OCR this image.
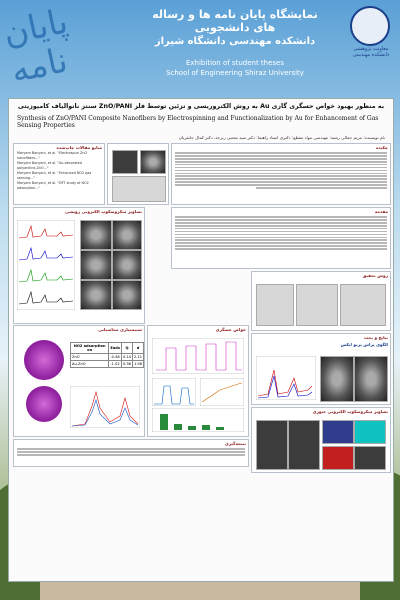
پایان نامه
نمایشگاه پایان نامه ها و رساله های دانشجویی
دانشکده مهندسی دانشگاه شیراز
Exhibition of student theses
School of Engineering Shiraz University
معاونت پژوهشی دانشکده مهندسی
سنتز نانوالیاف کامپوزیتی ZnO/PANI به روش الکتروریسی و تزئین توسط فلز Au به منظور بهبود خواص حسگری گازی
Synthesis of ZnO/PANI Composite Nanofibers by Electrospinning and Functionalization by Au for Enhancement of Gas Sensing Properties
نام نویسنده: مریم جمالی رشته: مهندسی مواد مقطع: دکتری استاد راهنما: دکتر سید مجتبی زبرجد، دکتر کمال جانقربان
منابع مقالات چاپ‌شده
Maryam Bonyani, et al. "Electrospun ZnO nanofibers..."
Maryam Bonyani, et al. "Au-decorated polyaniline-ZnO..."
Maryam Bonyani, et al. "Enhanced NO2 gas sensing..."
Maryam Bonyani, et al. "DFT study of NO2 adsorption..."
چکیده
تصاویر میکروسکوپ الکترونی روبشی
شبیه‌سازی محاسباتی
NO2 adsorption on	Eads	Q	d
ZnO	-0.48	0.14	2.11
Au-ZnO	-1.02	0.36	1.98
خواص حسگری
مقدمه
روش تحقیق
نتایج و بحث
الگوی پراش پرتو ایکس
تصاویر میکروسکوپ الکترونی عبوری
نتیجه‌گیری
